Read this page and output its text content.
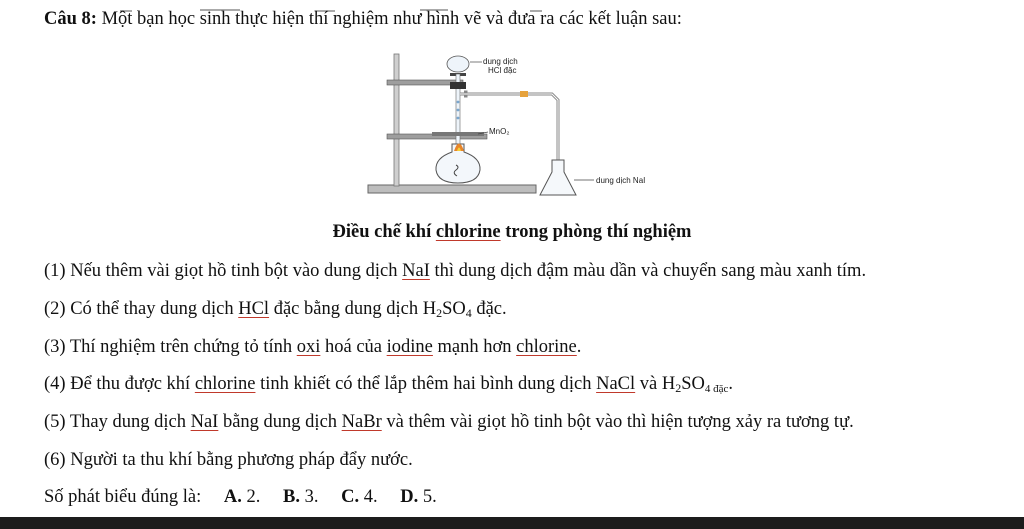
Câu 8: Một bạn học sinh thực hiện thí nghiệm như hình vẽ và đưa ra các kết luận sau:
MnO₂
dung dịch
HCl đặc
dung dịch NaI
Điều chế khí chlorine trong phòng thí nghiệm
(1) Nếu thêm vài giọt hồ tinh bột vào dung dịch NaI thì dung dịch đậm màu dần và chuyển sang màu xanh tím.
(2) Có thể thay dung dịch HCl đặc bằng dung dịch $H_2SO_4$ đặc.
(3) Thí nghiệm trên chứng tỏ tính oxi hoá của iodine mạnh hơn chlorine.
(4) Để thu được khí chlorine tinh khiết có thể lắp thêm hai bình dung dịch NaCl và $H_2SO_{4 đặc}$.
(5) Thay dung dịch NaI bằng dung dịch NaBr và thêm vài giọt hồ tinh bột vào thì hiện tượng xảy ra tương tự.
(6) Người ta thu khí bằng phương pháp đẩy nước.
Số phát biểu đúng là: A. 2. B. 3. C. 4. D. 5.
